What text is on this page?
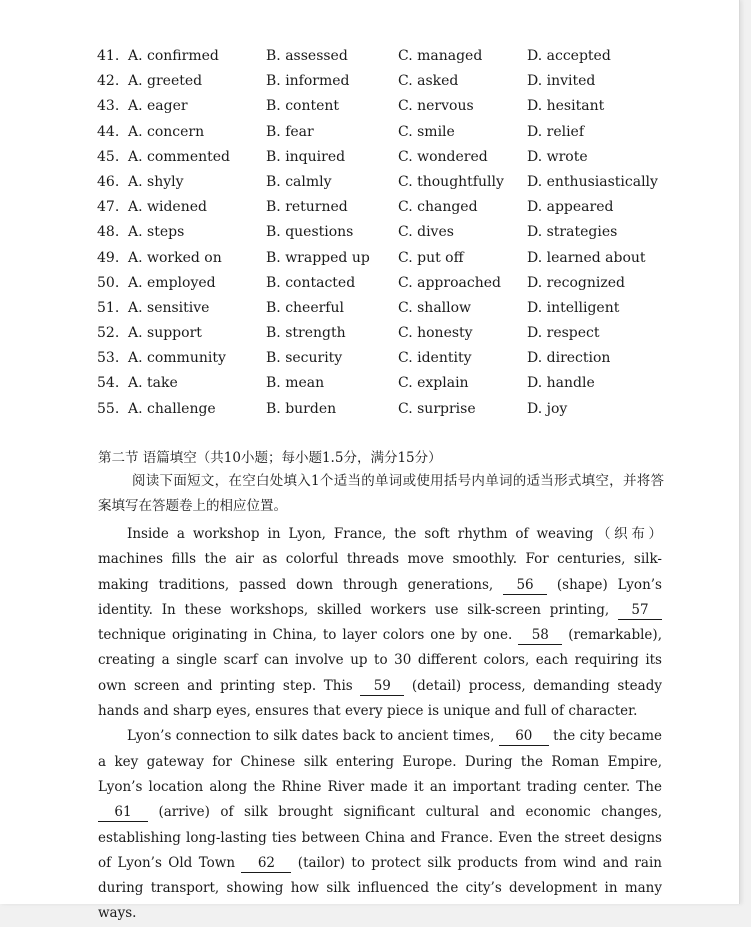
41. A. confirmed	B. assessed	C. managed	D. accepted
42. A. greeted	B. informed	C. asked	D. invited
43. A. eager	B. content	C. nervous	D. hesitant
44. A. concern	B. fear	C. smile	D. relief
45. A. commented	B. inquired	C. wondered	D. wrote
46. A. shyly	B. calmly	C. thoughtfully D. enthusiastically
47. A. widened	B. returned	C. changed	D. appeared
48. A. steps	B. questions	C. dives	D. strategies
49. A. worked on	B. wrapped up C. put off	D. learned about
50. A. employed	B. contacted	C. approached D. recognized
51. A. sensitive	B. cheerful	C. shallow	D. intelligent
52. A. support	B. strength	C. honesty	D. respect
53. A. community	B. security	C. identity	D. direction
54. A. take	B. mean	C. explain	D. handle
55. A. challenge	B. burden	C. surprise	D. joy
第二节 语篇填空（共10小题；每小题1.5分，满分15分）
阅读下面短文，在空白处填入1个适当的单词或使用括号内单词的适当形式填空，并将答案填写在答题卷上的相应位置。

Inside a workshop in Lyon, France, the soft rhythm of weaving（织布）machines fills the air as colorful threads move smoothly. For centuries, silk-making traditions, passed down through generations, 56 (shape) Lyon’s identity. In these workshops, skilled workers use silk-screen printing, 57 technique originating in China, to layer colors one by one. 58 (remarkable), creating a single scarf can involve up to 30 different colors, each requiring its own screen and printing step. This 59 (detail) process, demanding steady hands and sharp eyes, ensures that every piece is unique and full of character.

Lyon’s connection to silk dates back to ancient times, 60 the city became a key gateway for Chinese silk entering Europe. During the Roman Empire, Lyon’s location along the Rhine River made it an important trading center. The 61 (arrive) of silk brought significant cultural and economic changes, establishing long-lasting ties between China and France. Even the street designs of Lyon’s Old Town 62 (tailor) to protect silk products from wind and rain during transport, showing how silk influenced the city’s development in many ways.
